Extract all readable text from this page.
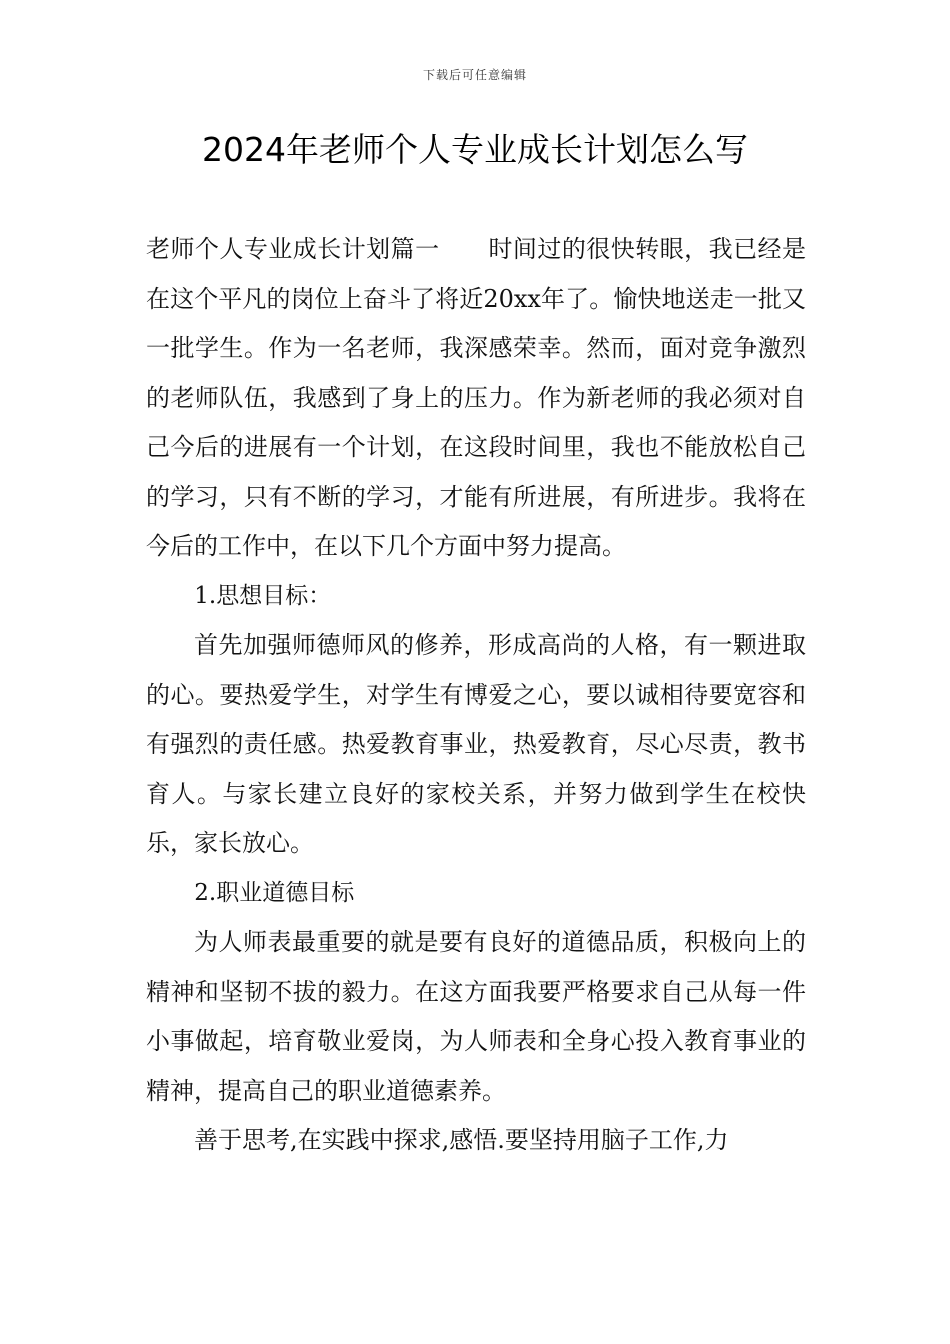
下载后可任意编辑
2024年老师个人专业成长计划怎么写

老师个人专业成长计划篇一　　时间过的很快转眼，我已经是在这个平凡的岗位上奋斗了将近20xx年了。愉快地送走一批又一批学生。作为一名老师，我深感荣幸。然而，面对竞争激烈的老师队伍，我感到了身上的压力。作为新老师的我必须对自己今后的进展有一个计划，在这段时间里，我也不能放松自己的学习，只有不断的学习，才能有所进展，有所进步。我将在今后的工作中，在以下几个方面中努力提高。

1.思想目标：

首先加强师德师风的修养，形成高尚的人格，有一颗进取的心。要热爱学生，对学生有博爱之心，要以诚相待要宽容和有强烈的责任感。热爱教育事业，热爱教育，尽心尽责，教书育人。与家长建立良好的家校关系，并努力做到学生在校快乐，家长放心。

2.职业道德目标

为人师表最重要的就是要有良好的道德品质，积极向上的精神和坚韧不拔的毅力。在这方面我要严格要求自己从每一件小事做起，培育敬业爱岗，为人师表和全身心投入教育事业的精神，提高自己的职业道德素养。

善于思考,在实践中探求,感悟.要坚持用脑子工作,力
